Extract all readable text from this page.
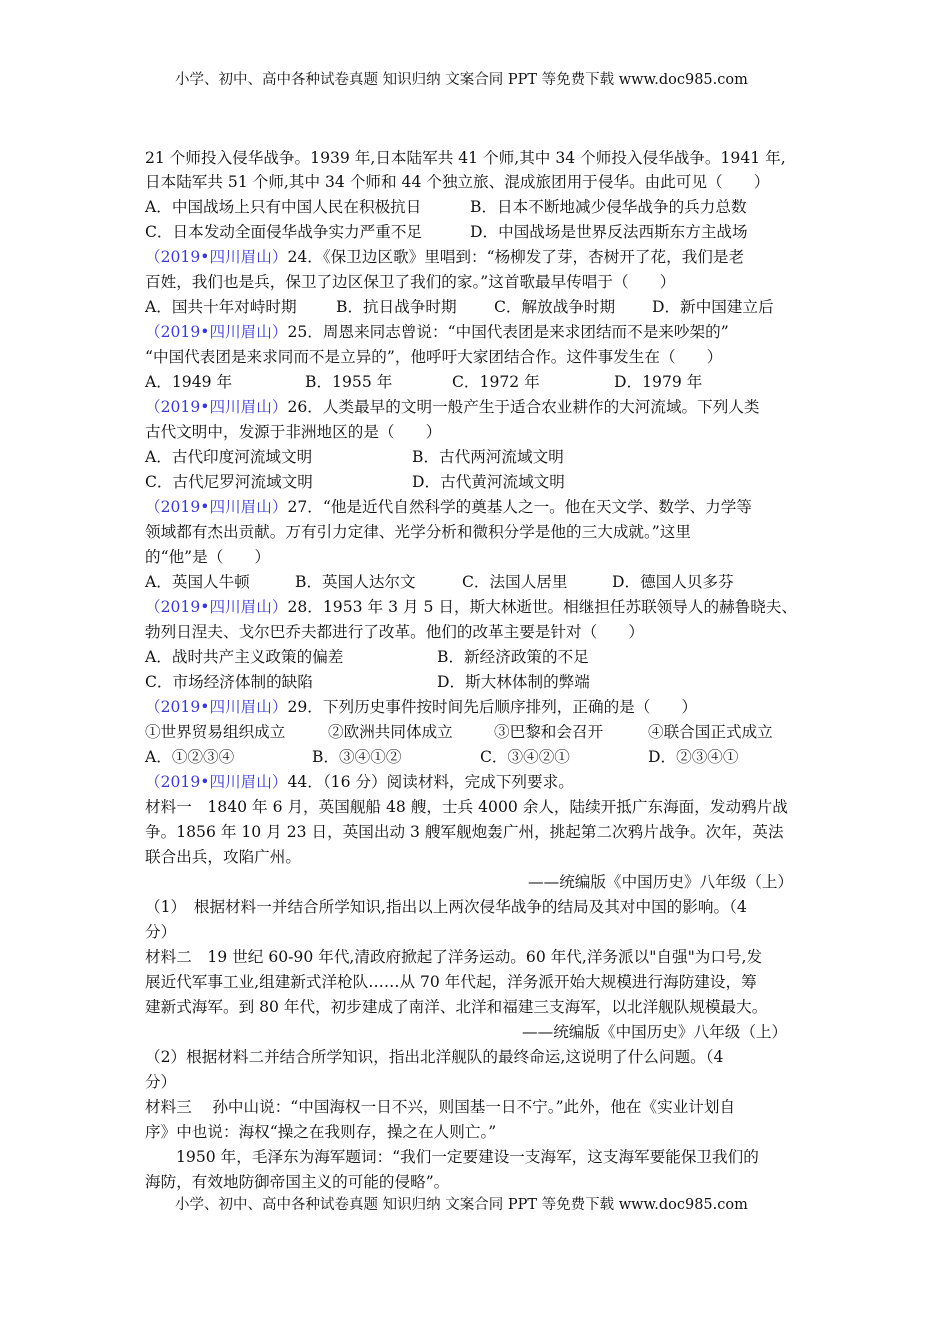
小学、初中、高中各种试卷真题 知识归纳 文案合同 PPT 等免费下载 www.doc985.com
21 个师投入侵华战争。1939 年,日本陆军共 41 个师,其中 34 个师投入侵华战争。1941 年,
日本陆军共 51 个师,其中 34 个师和 44 个独立旅、混成旅团用于侵华。由此可见（　　）
A．中国战场上只有中国人民在积极抗日	B．日本不断地减少侵华战争的兵力总数
C．日本发动全面侵华战争实力严重不足	D．中国战场是世界反法西斯东方主战场
（2019•四川眉山）24．《保卫边区歌》里唱到：“杨柳发了芽，杏树开了花，我们是老
百姓，我们也是兵，保卫了边区保卫了我们的家。”这首歌最早传唱于（　　）
A．国共十年对峙时期	B．抗日战争时期 C．解放战争时期 D．新中国建立后
（2019•四川眉山）25．周恩来同志曾说：“中国代表团是来求团结而不是来吵架的”
“中国代表团是来求同而不是立异的”，他呼吁大家团结合作。这件事发生在（　　）
A．1949 年	B．1955 年	C．1972 年	D．1979 年
（2019•四川眉山）26．人类最早的文明一般产生于适合农业耕作的大河流域。下列人类
古代文明中，发源于非洲地区的是（　　）
A．古代印度河流域文明	B．古代两河流域文明
C．古代尼罗河流域文明	D．古代黄河流域文明
（2019•四川眉山）27．“他是近代自然科学的奠基人之一。他在天文学、数学、力学等
领域都有杰出贡献。万有引力定律、光学分析和微积分学是他的三大成就。”这里
的“他”是（　　）
A．英国人牛顿	B．英国人达尔文	C．法国人居里	D．德国人贝多芬
（2019•四川眉山）28．1953 年 3 月 5 日，斯大林逝世。相继担任苏联领导人的赫鲁晓夫、
勃列日涅夫、戈尔巴乔夫都进行了改革。他们的改革主要是针对（　　）
A．战时共产主义政策的偏差	B．新经济政策的不足
C．市场经济体制的缺陷	D．斯大林体制的弊端
（2019•四川眉山）29．下列历史事件按时间先后顺序排列，正确的是（　　）
①世界贸易组织成立	②欧洲共同体成立	③巴黎和会召开	④联合国正式成立
A．①②③④	B．③④①②	C．③④②①	D．②③④①
（2019•四川眉山）44．（16 分）阅读材料，完成下列要求。
材料一　1840 年 6 月，英国舰船 48 艘，士兵 4000 余人，陆续开抵广东海面，发动鸦片战
争。1856 年 10 月 23 日，英国出动 3 艘军舰炮轰广州，挑起第二次鸦片战争。次年，英法
联合出兵，攻陷广州。
——统编版《中国历史》八年级（上）
（1）　根据材料一并结合所学知识,指出以上两次侵华战争的结局及其对中国的影响。（4
分）
材料二　19 世纪 60-90 年代,清政府掀起了洋务运动。60 年代,洋务派以"自强"为口号,发
展近代军事工业,组建新式洋枪队……从 70 年代起，洋务派开始大规模进行海防建设，筹
建新式海军。到 80 年代，初步建成了南洋、北洋和福建三支海军，以北洋舰队规模最大。
——统编版《中国历史》八年级（上）
（2）根据材料二并结合所学知识，指出北洋舰队的最终命运,这说明了什么问题。（4
分）
材料三　 孙中山说：“中国海权一日不兴，则国基一日不宁。”此外，他在《实业计划自
序》中也说：海权“操之在我则存，操之在人则亡。”
1950 年，毛泽东为海军题词：“我们一定要建设一支海军，这支海军要能保卫我们的
海防，有效地防御帝国主义的可能的侵略”。
小学、初中、高中各种试卷真题 知识归纳 文案合同 PPT 等免费下载 www.doc985.com
